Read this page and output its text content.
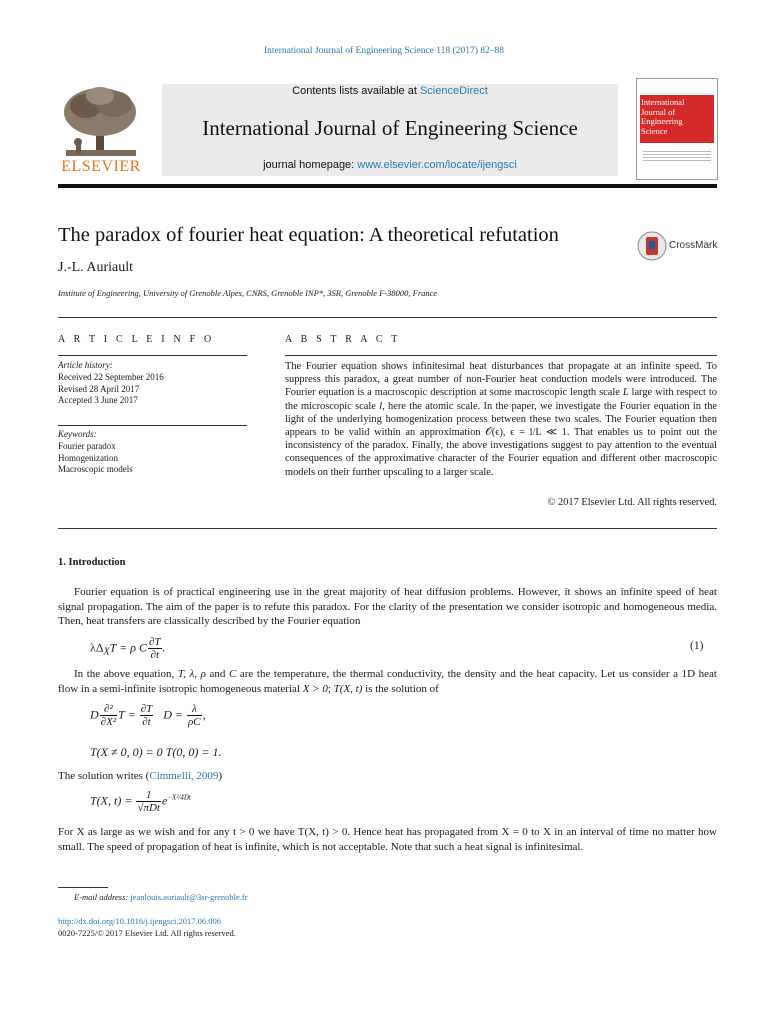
International Journal of Engineering Science 118 (2017) 82–88
ELSEVIER
Contents lists available at ScienceDirect
International Journal of Engineering Science
journal homepage: www.elsevier.com/locate/ijengsci
International
Journal of
Engineering
Science
The paradox of fourier heat equation: A theoretical refutation	CrossMark
J.-L. Auriault
Institute of Engineering, University of Grenoble Alpes, CNRS, Grenoble INP*, 3SR, Grenoble F-38000, France
A R T I C L E I N F O
Article history:
Received 22 September 2016
Revised 28 April 2017
Accepted 3 June 2017
Keywords:
Fourier paradox
Homogenization
Macroscopic models
A B S T R A C T
The Fourier equation shows infinitesimal heat disturbances that propagate at an infinite speed. To suppress this paradox, a great number of non-Fourier heat conduction models were introduced. The Fourier equation is a macroscopic description at some macroscopic length scale L large with respect to the microscopic scale l, here the atomic scale. In the paper, we investigate the Fourier equation in the light of the underlying homogenization process between these two scales. The Fourier equation then appears to be valid within an approximation 𝒪(ϵ), ϵ = l/L ≪ 1. That enables us to point out the inconsistency of the paradox. Finally, the above investigations suggest to pay attention to the eventual consequences of the approximative character of the Fourier equation and different other macroscopic models on their further upscaling to a larger scale.
© 2017 Elsevier Ltd. All rights reserved.
1. Introduction
Fourier equation is of practical engineering use in the great majority of heat diffusion problems. However, it shows an infinite speed of heat signal propagation. The aim of the paper is to refute this paradox. For the clarity of the presentation we consider isotropic and homogeneous media. Then, heat transfers are classically described by the Fourier equation
$\lambda\Delta_XT = \rho$ C $\frac{\partial T}{\partial t}$ .	(1)
In the above equation, T, λ, ρ and C are the temperature, the thermal conductivity, the density and the heat capacity. Let us consider a 1D heat flow in a semi-infinite isotropic homogeneous material X > 0; T(X, t) is the solution of
D $\frac{\text{∂²}}{\text{∂X²}}$ $T = \frac{\partial T}{\partial t}$ $D = \frac{\lambda}{\rho C}$ ,
T(X ≠ 0, 0) = 0 T(0, 0) = 1.
The solution writes (Cimmelli, 2009)
T(X, $t) = \frac{1}{\text{√πDt}} e^{-X^2/4Dt}$
For X as large as we wish and for any t > 0 we have T(X, t) > 0. Hence heat has propagated from X = 0 to X in an interval of time no matter how small. The speed of propagation of heat is infinite, which is not acceptable. Note that such a heat signal is infinitesimal.
E-mail address: jeanlouis.auriault@3sr-grenoble.fr
http://dx.doi.org/10.1016/j.ijengsci.2017.06.006
0020-7225/© 2017 Elsevier Ltd. All rights reserved.
